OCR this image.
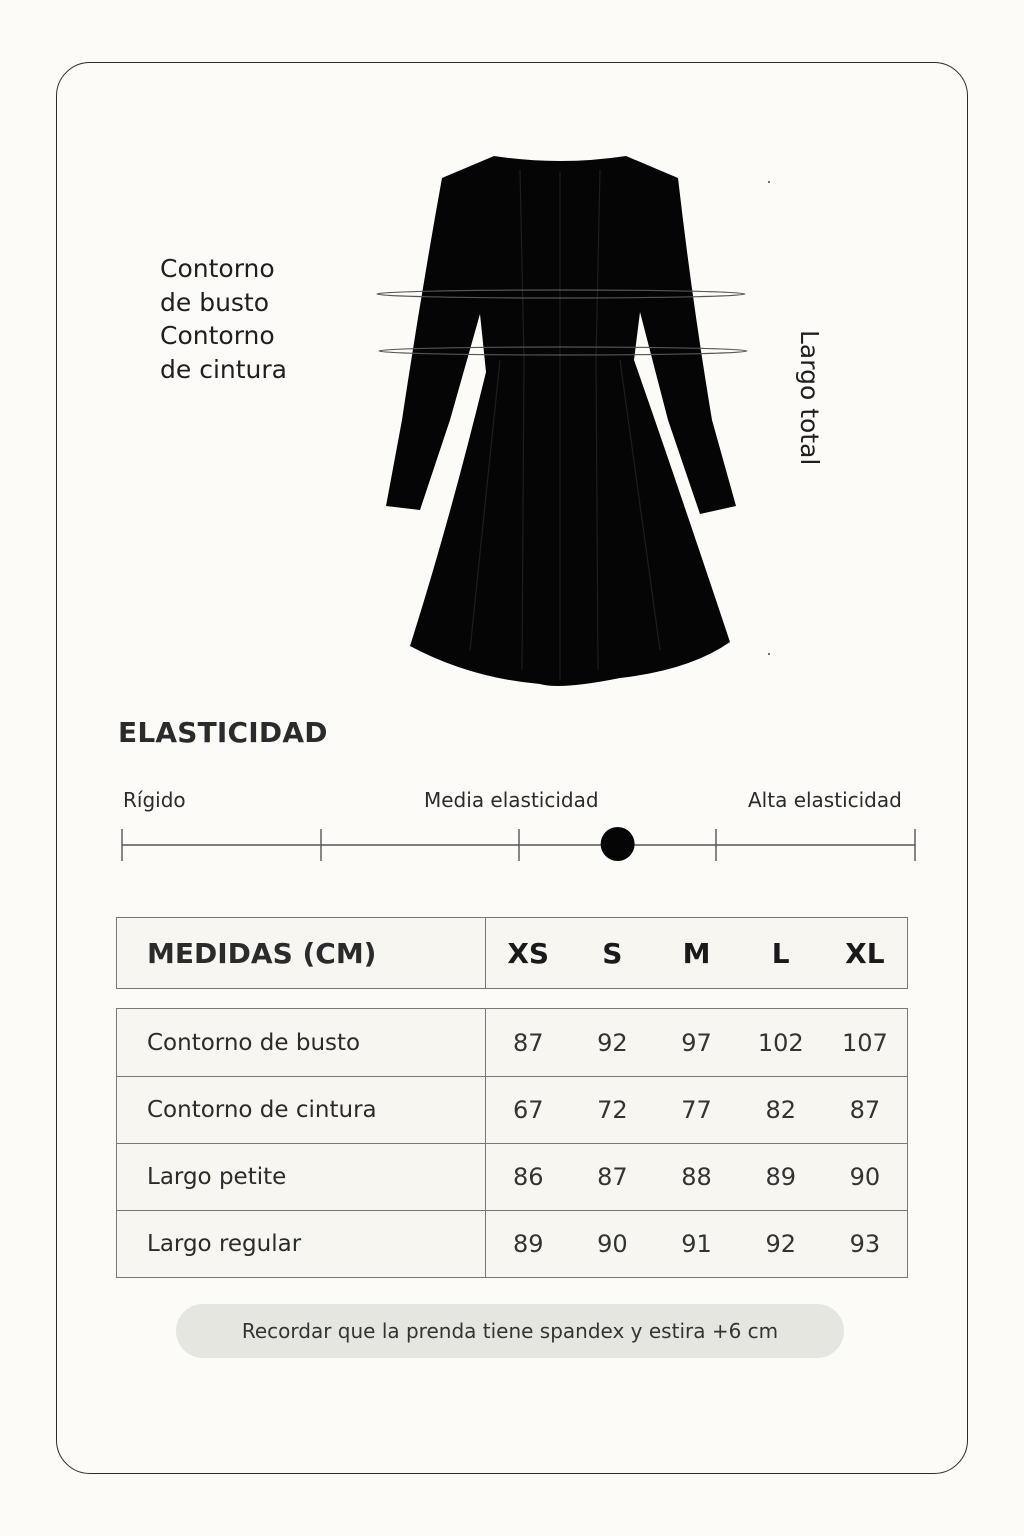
Contorno
de busto
Contorno
de cintura	Largo total
ELASTICIDAD
Rígido	Media elasticidad	Alta elasticidad
MEDIDAS (CM)	XS	S	M	L	XL
Contorno de busto	87	92	97	102	107
Contorno de cintura	67	72	77	82	87
Largo petite	86	87	88	89	90
Largo regular	89	90	91	92	93
Recordar que la prenda tiene spandex y estira +6 cm
